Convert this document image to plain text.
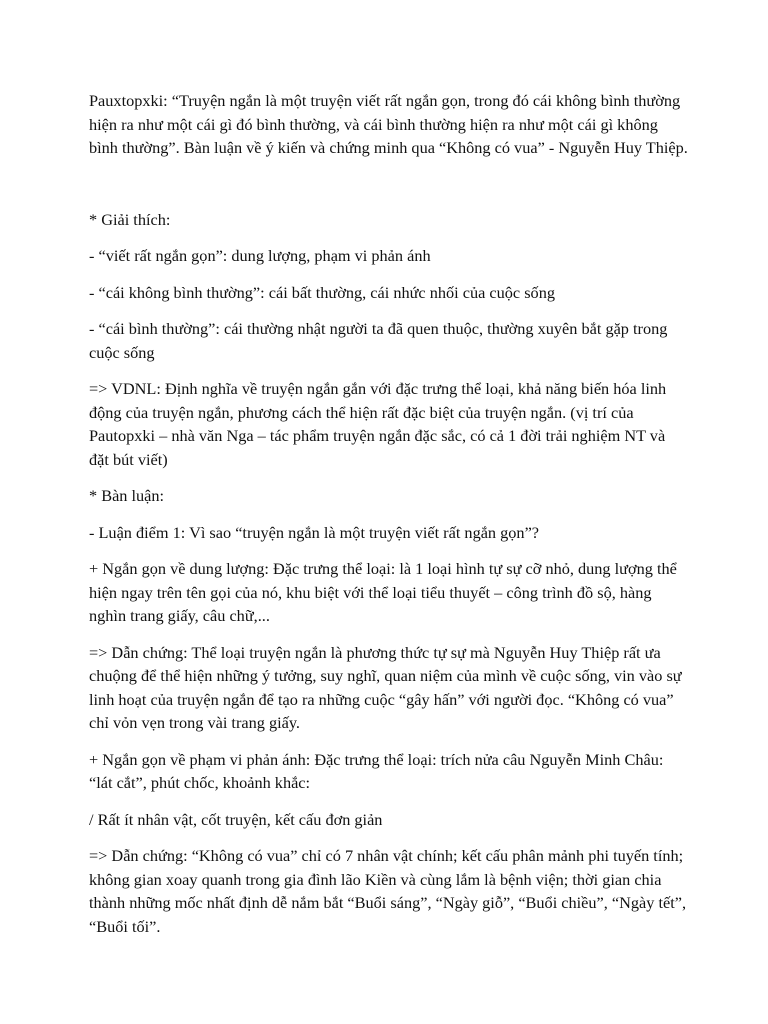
Pauxtopxki: “Truyện ngắn là một truyện viết rất ngắn gọn, trong đó cái không bình thường hiện ra như một cái gì đó bình thường, và cái bình thường hiện ra như một cái gì không bình thường”. Bàn luận về ý kiến và chứng minh qua “Không có vua” - Nguyễn Huy Thiệp.

* Giải thích:

- “viết rất ngắn gọn”: dung lượng, phạm vi phản ánh

- “cái không bình thường”: cái bất thường, cái nhức nhối của cuộc sống

- “cái bình thường”: cái thường nhật người ta đã quen thuộc, thường xuyên bắt gặp trong cuộc sống

=> VDNL: Định nghĩa về truyện ngắn gắn với đặc trưng thể loại, khả năng biến hóa linh động của truyện ngắn, phương cách thể hiện rất đặc biệt của truyện ngắn. (vị trí của Pautopxki – nhà văn Nga – tác phẩm truyện ngắn đặc sắc, có cả 1 đời trải nghiệm NT và đặt bút viết)

* Bàn luận:

- Luận điểm 1: Vì sao “truyện ngắn là một truyện viết rất ngắn gọn”?

+ Ngắn gọn về dung lượng: Đặc trưng thể loại: là 1 loại hình tự sự cỡ nhỏ, dung lượng thể hiện ngay trên tên gọi của nó, khu biệt với thể loại tiểu thuyết – công trình đồ sộ, hàng nghìn trang giấy, câu chữ,...

=> Dẫn chứng: Thể loại truyện ngắn là phương thức tự sự mà Nguyễn Huy Thiệp rất ưa chuộng để thể hiện những ý tưởng, suy nghĩ, quan niệm của mình về cuộc sống, vin vào sự linh hoạt của truyện ngắn để tạo ra những cuộc “gây hấn” với người đọc. “Không có vua” chỉ vỏn vẹn trong vài trang giấy.

+ Ngắn gọn về phạm vi phản ánh: Đặc trưng thể loại: trích nửa câu Nguyễn Minh Châu: “lát cắt”, phút chốc, khoảnh khắc:

/ Rất ít nhân vật, cốt truyện, kết cấu đơn giản

=> Dẫn chứng: “Không có vua” chỉ có 7 nhân vật chính; kết cấu phân mảnh phi tuyến tính; không gian xoay quanh trong gia đình lão Kiền và cùng lắm là bệnh viện; thời gian chia thành những mốc nhất định dễ nắm bắt “Buổi sáng”, “Ngày giỗ”, “Buổi chiều”, “Ngày tết”, “Buổi tối”.
